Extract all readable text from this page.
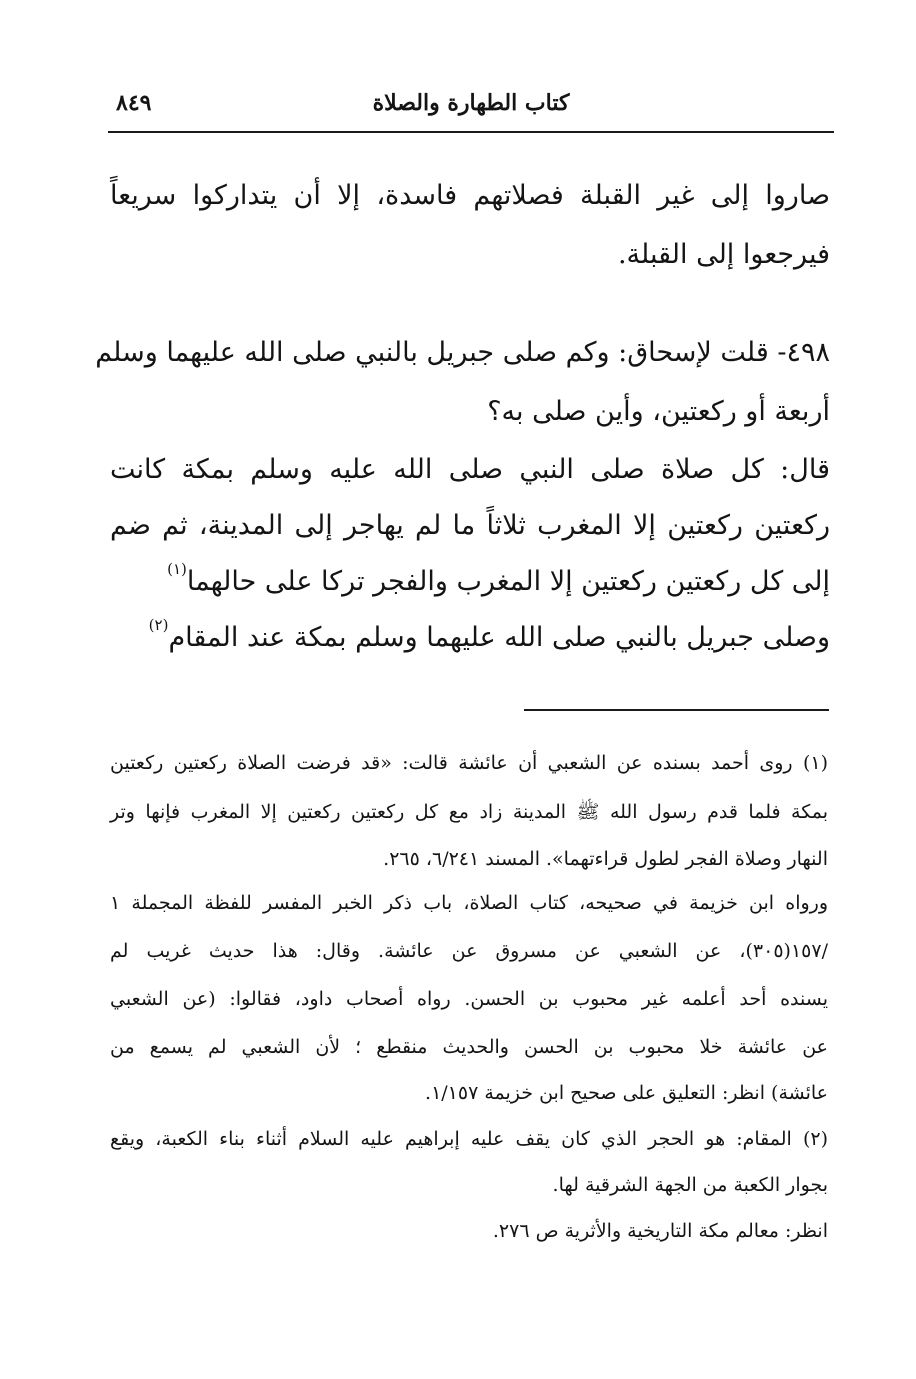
٨٤٩	كتاب الطهارة والصلاة
صاروا إلى غير القبلة فصلاتهم فاسدة، إلا أن يتداركوا سريعاً
فيرجعوا إلى القبلة.
٤٩٨- قلت لإسحاق: وكم صلى جبريل بالنبي صلى الله عليهما وسلم
أربعة أو ركعتين، وأين صلى به؟
قال: كل صلاة صلى النبي صلى الله عليه وسلم بمكة كانت
ركعتين ركعتين إلا المغرب ثلاثاً ما لم يهاجر إلى المدينة، ثم ضم
إلى كل ركعتين ركعتين إلا المغرب والفجر تركا على حالهما$^{(١)}$
وصلى جبريل بالنبي صلى الله عليهما وسلم بمكة عند المقام$^{(٢)}$
(١) روى أحمد بسنده عن الشعبي أن عائشة قالت: «قد فرضت الصلاة ركعتين ركعتين
بمكة فلما قدم رسول الله ﷺ المدينة زاد مع كل ركعتين ركعتين إلا المغرب فإنها وتر
النهار وصلاة الفجر لطول قراءتهما». المسند ٦/٢٤١، ٢٦٥.
ورواه ابن خزيمة في صحيحه، كتاب الصلاة، باب ذكر الخبر المفسر للفظة المجملة ١
/١٥٧(٣٠٥)، عن الشعبي عن مسروق عن عائشة. وقال: هذا حديث غريب لم
يسنده أحد أعلمه غير محبوب بن الحسن. رواه أصحاب داود، فقالوا: (عن الشعبي
عن عائشة خلا محبوب بن الحسن والحديث منقطع ؛ لأن الشعبي لم يسمع من
عائشة) انظر: التعليق على صحيح ابن خزيمة ١/١٥٧.
(٢) المقام: هو الحجر الذي كان يقف عليه إبراهيم عليه السلام أثناء بناء الكعبة، ويقع
بجوار الكعبة من الجهة الشرقية لها.
انظر: معالم مكة التاريخية والأثرية ص ٢٧٦.
